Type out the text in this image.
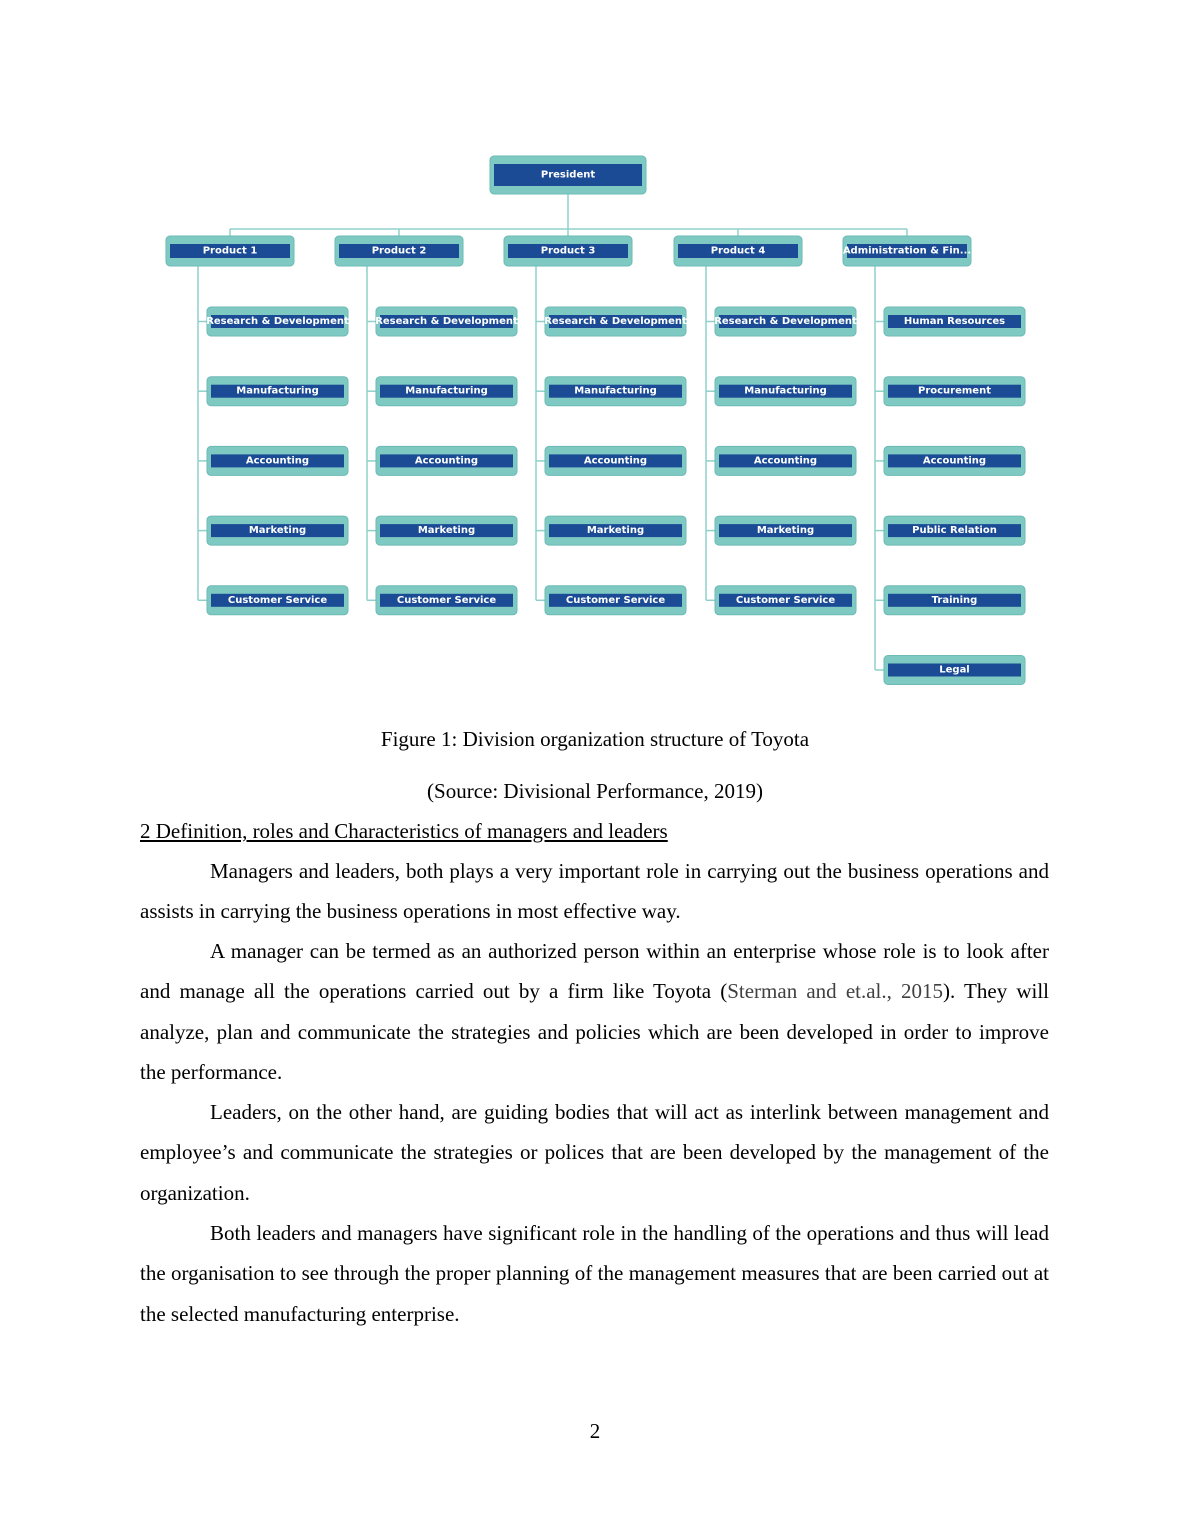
President
Product 1
Research & Development
Manufacturing
Accounting
Marketing
Customer Service
Product 2
Research & Development
Manufacturing
Accounting
Marketing
Customer Service
Product 3
Research & Development
Manufacturing
Accounting
Marketing
Customer Service
Product 4
Research & Development
Manufacturing
Accounting
Marketing
Customer Service
Administration & Fin...
Human Resources
Procurement
Accounting
Public Relation
Training
Legal
Figure 1: Division organization structure of Toyota
(Source: Divisional Performance, 2019)
2 Definition, roles and Characteristics of managers and leaders

Managers and leaders, both plays a very important role in carrying out the business operations and assists in carrying the business operations in most effective way.

A manager can be termed as an authorized person within an enterprise whose role is to look after and manage all the operations carried out by a firm like Toyota (Sterman and et.al., 2015). They will analyze, plan and communicate the strategies and policies which are been developed in order to improve the performance.

Leaders, on the other hand, are guiding bodies that will act as interlink between management and employee’s and communicate the strategies or polices that are been developed by the management of the organization.

Both leaders and managers have significant role in the handling of the operations and thus will lead the organisation to see through the proper planning of the management measures that are been carried out at the selected manufacturing enterprise.

2
